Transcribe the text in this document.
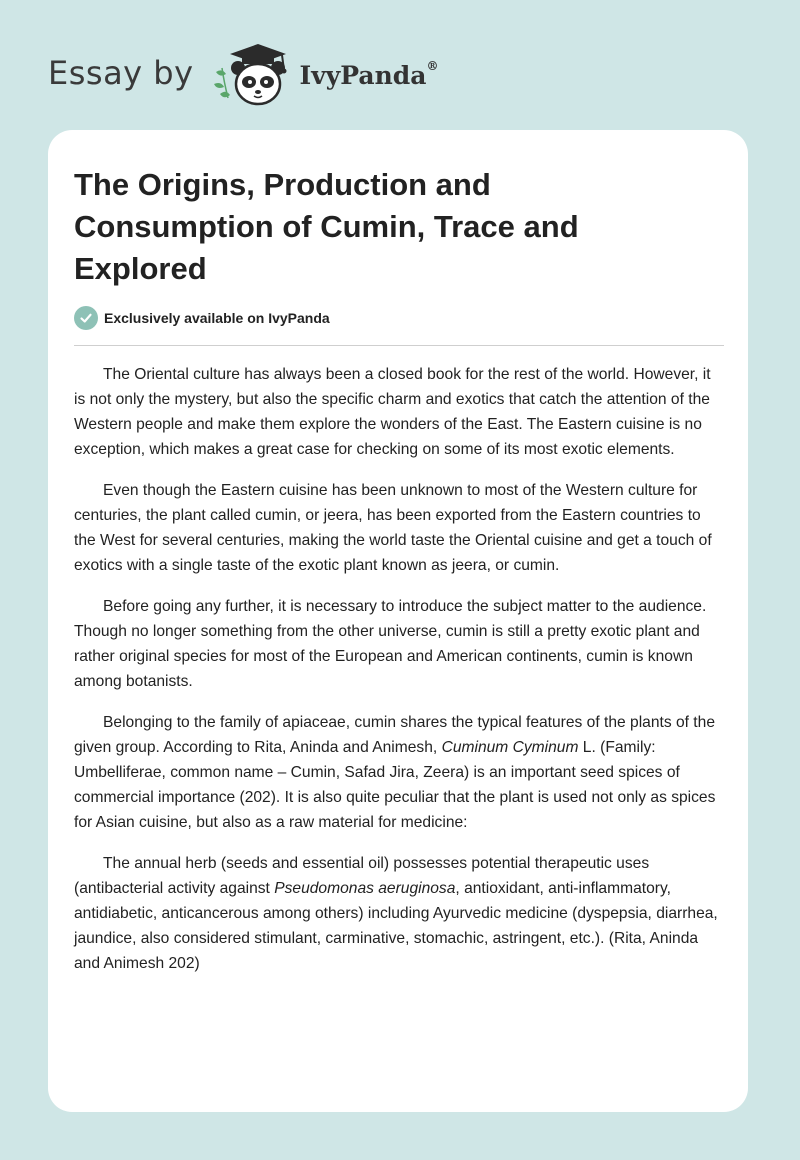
Essay by	IvyPanda®
The Origins, Production and Consumption of Cumin, Trace and Explored
Exclusively available on IvyPanda

The Oriental culture has always been a closed book for the rest of the world. However, it is not only the mystery, but also the specific charm and exotics that catch the attention of the Western people and make them explore the wonders of the East. The Eastern cuisine is no exception, which makes a great case for checking on some of its most exotic elements.

Even though the Eastern cuisine has been unknown to most of the Western culture for centuries, the plant called cumin, or jeera, has been exported from the Eastern countries to the West for several centuries, making the world taste the Oriental cuisine and get a touch of exotics with a single taste of the exotic plant known as jeera, or cumin.

Before going any further, it is necessary to introduce the subject matter to the audience. Though no longer something from the other universe, cumin is still a pretty exotic plant and rather original species for most of the European and American continents, cumin is known among botanists.

Belonging to the family of apiaceae, cumin shares the typical features of the plants of the given group. According to Rita, Aninda and Animesh, Cuminum Cyminum L. (Family: Umbelliferae, common name – Cumin, Safad Jira, Zeera) is an important seed spices of commercial importance (202). It is also quite peculiar that the plant is used not only as spices for Asian cuisine, but also as a raw material for medicine:

The annual herb (seeds and essential oil) possesses potential therapeutic uses (antibacterial activity against Pseudomonas aeruginosa, antioxidant, anti-inflammatory, antidiabetic, anticancerous among others) including Ayurvedic medicine (dyspepsia, diarrhea, jaundice, also considered stimulant, carminative, stomachic, astringent, etc.). (Rita, Aninda and Animesh 202)
